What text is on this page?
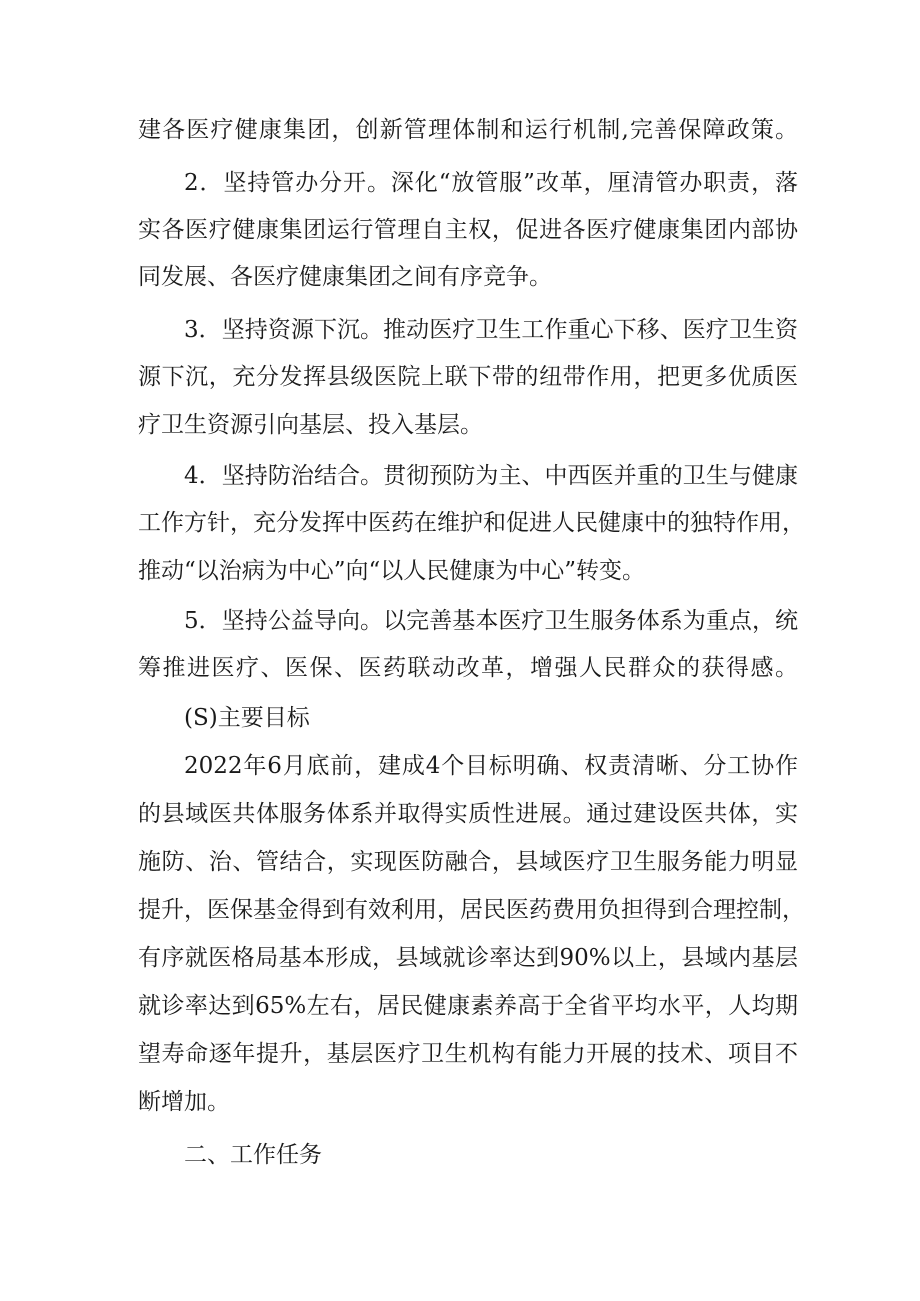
建各医疗健康集团，创新管理体制和运行机制,完善保障政策。
2．坚持管办分开。深化“放管服”改革，厘清管办职责，落
实各医疗健康集团运行管理自主权，促进各医疗健康集团内部协
同发展、各医疗健康集团之间有序竞争。
3．坚持资源下沉。推动医疗卫生工作重心下移、医疗卫生资
源下沉，充分发挥县级医院上联下带的纽带作用，把更多优质医
疗卫生资源引向基层、投入基层。
4．坚持防治结合。贯彻预防为主、中西医并重的卫生与健康
工作方针，充分发挥中医药在维护和促进人民健康中的独特作用，
推动“以治病为中心”向“以人民健康为中心”转变。
5．坚持公益导向。以完善基本医疗卫生服务体系为重点，统
筹推进医疗、医保、医药联动改革，增强人民群众的获得感。
(S)主要目标
2022年6月底前，建成4个目标明确、权责清晰、分工协作
的县域医共体服务体系并取得实质性进展。通过建设医共体，实
施防、治、管结合，实现医防融合，县域医疗卫生服务能力明显
提升，医保基金得到有效利用，居民医药费用负担得到合理控制，
有序就医格局基本形成，县域就诊率达到90%以上，县域内基层
就诊率达到65%左右，居民健康素养高于全省平均水平，人均期
望寿命逐年提升，基层医疗卫生机构有能力开展的技术、项目不
断增加。
二、工作任务
